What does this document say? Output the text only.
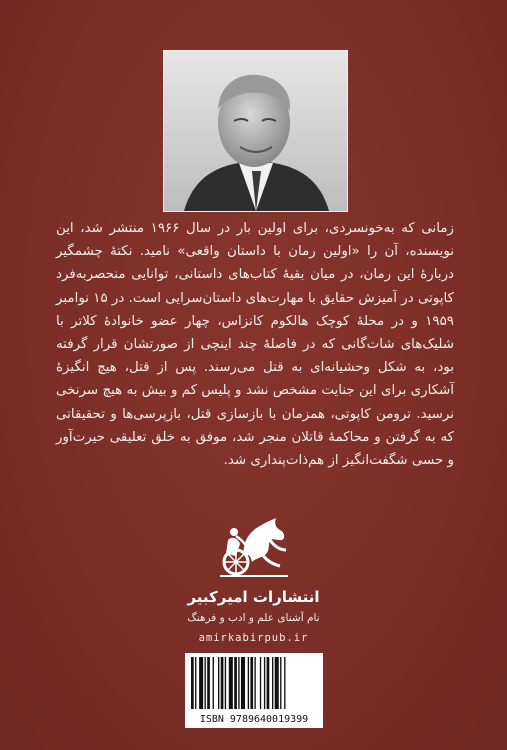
زمانی که به‌خونسردی، برای اولین بار در سال ۱۹۶۶ منتشر شد، این نویسنده، آن را «اولین رمان با داستان واقعی» نامید. نکتهٔ چشمگیر دربارهٔ این رمان، در میان بقیهٔ کتاب‌های داستانی، توانایی منحصربه‌فرد کاپوتی در آمیزش حقایق با مهارت‌های داستان‌سرایی است. در ۱۵ نوامبر ۱۹۵۹ و در محلهٔ کوچک هالکوم کانزاس، چهار عضو خانوادهٔ کلاتر با شلیک‌های شات‌گانی که در فاصلهٔ چند اینچی از صورتشان قرار گرفته بود، به شکل وحشیانه‌ای به قتل می‌رسند. پس از قتل، هیچ انگیزهٔ آشکاری برای این جنایت مشخص نشد و پلیس کم و بیش به هیچ سرنخی نرسید. ترومن کاپوتی، همزمان با بازسازی قتل، بازپرسی‌ها و تحقیقاتی که به گرفتن و محاکمهٔ قاتلان منجر شد، موفق به خلق تعلیقی حیرت‌آور و حسی شگفت‌انگیز از هم‌ذات‌پنداری شد.

انتشارات امیرکبیر
نام آشنای علم و ادب و فرهنگ
amirkabirpub.ir
ISBN 9789640019399
